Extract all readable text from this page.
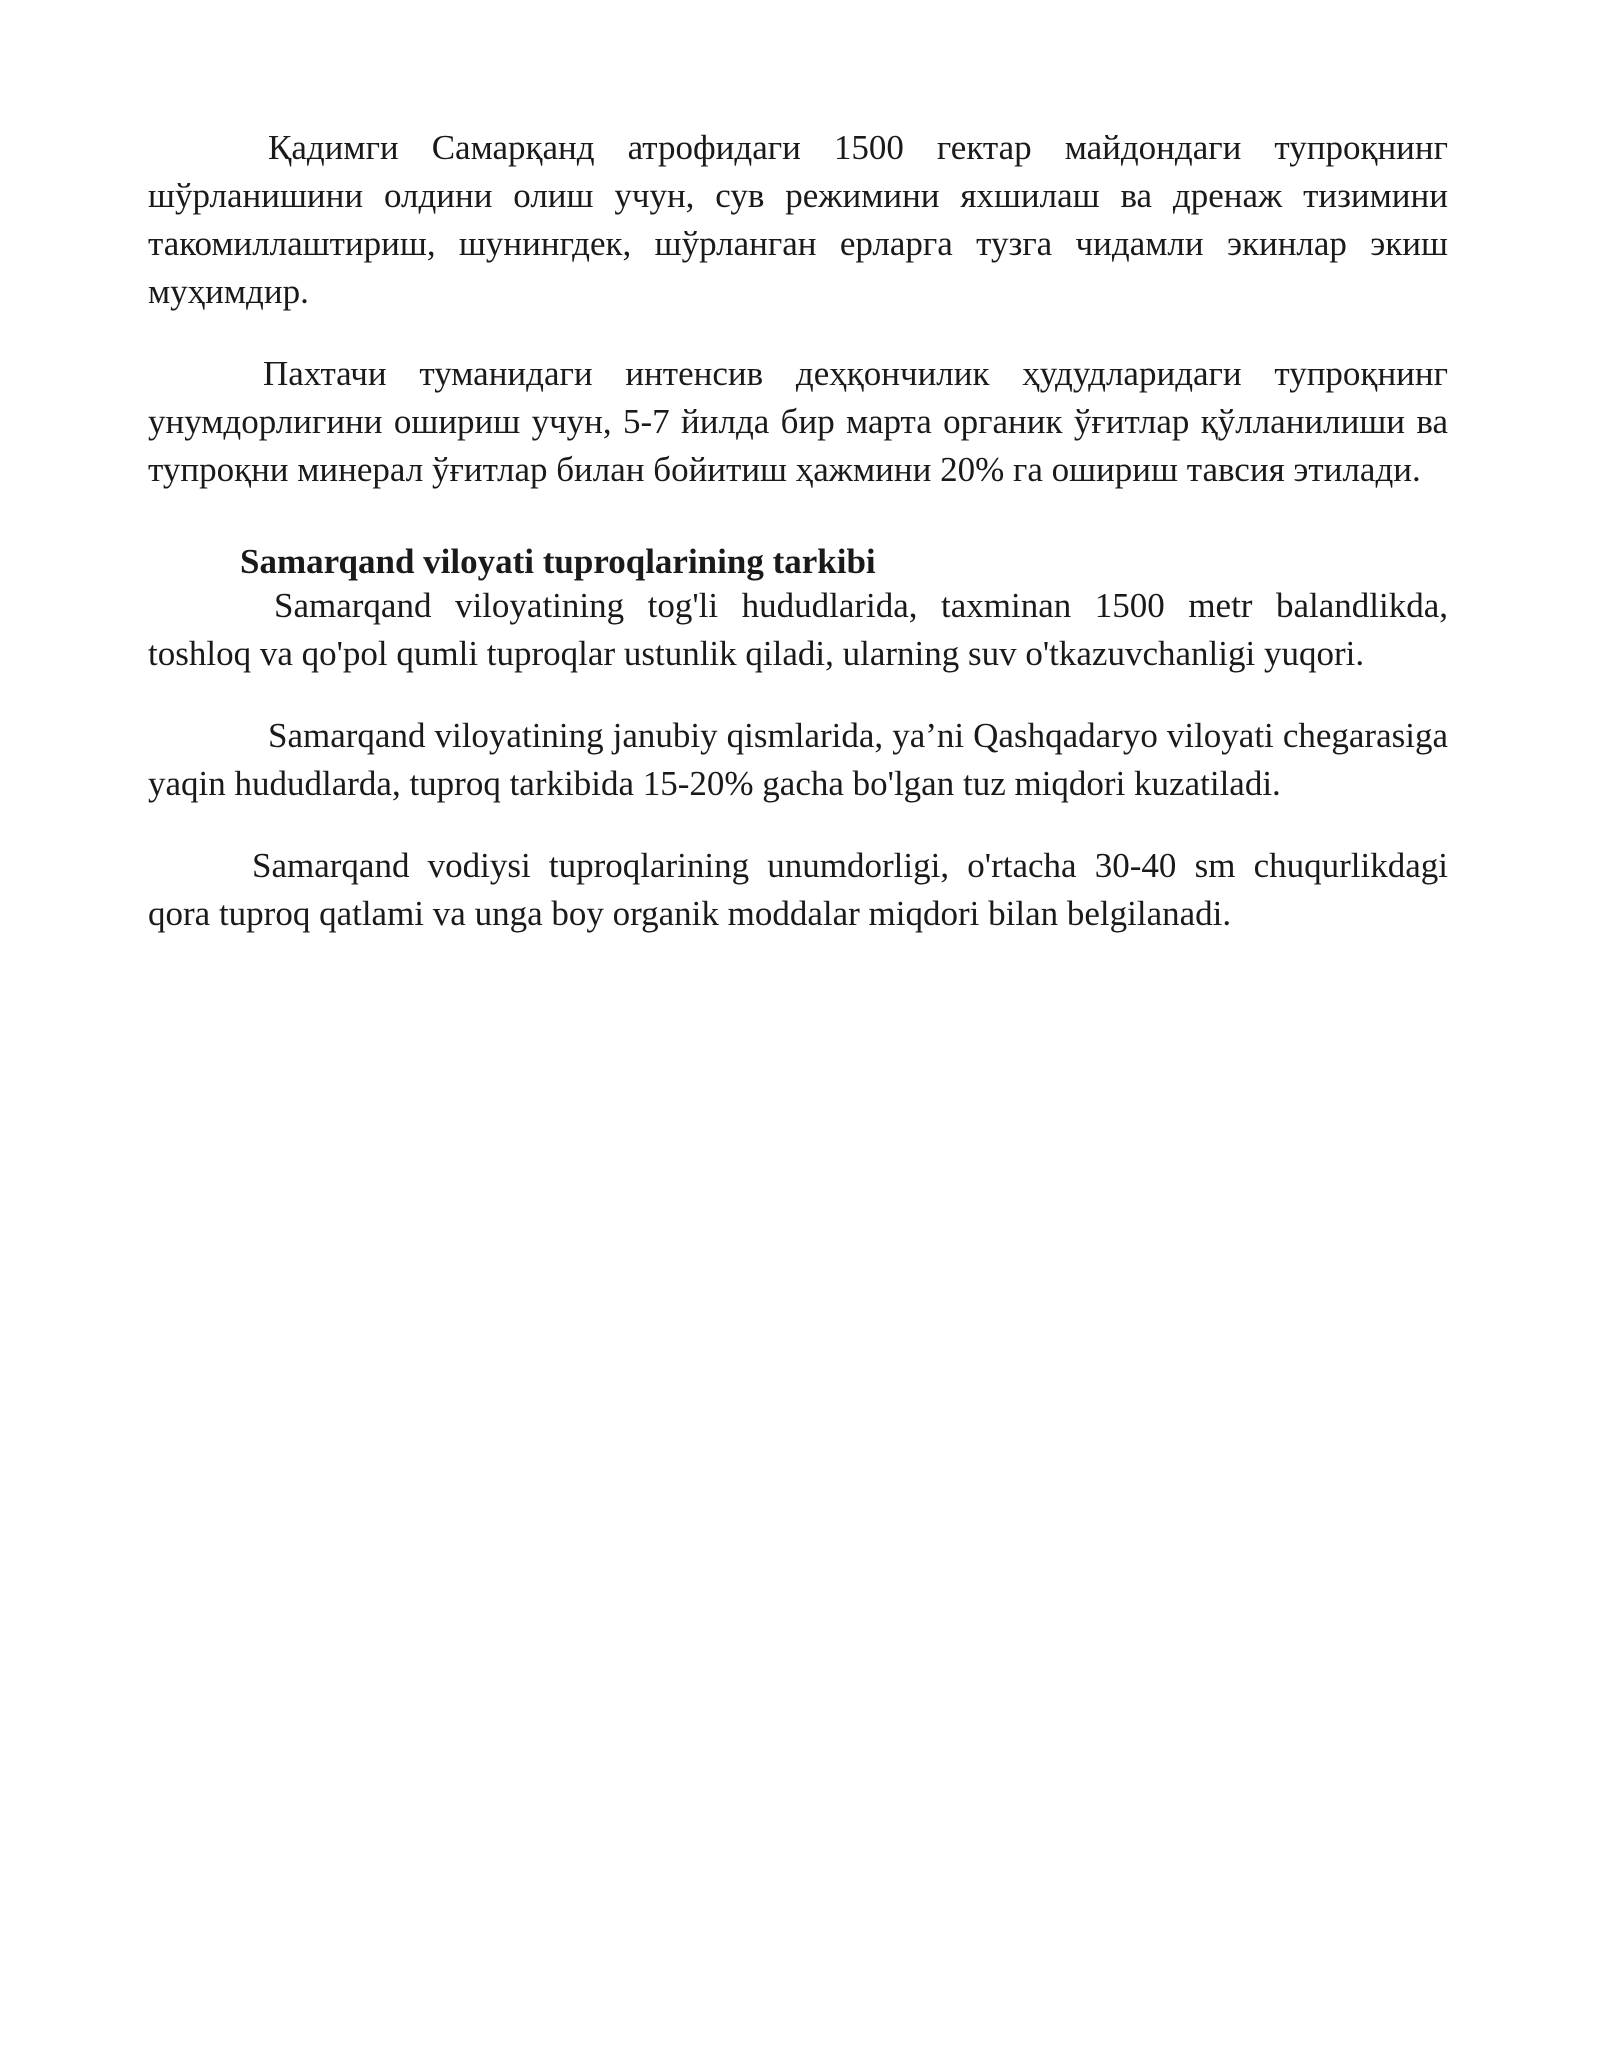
Қадимги Самарқанд атрофидаги 1500 гектар майдондаги тупроқнинг шўрланишини олдини олиш учун, сув режимини яхшилаш ва дренаж тизимини такомиллаштириш, шунингдек, шўрланган ерларга тузга чидамли экинлар экиш муҳимдир.

Пахтачи туманидаги интенсив деҳқончилик ҳудудларидаги тупроқнинг унумдорлигини ошириш учун, 5-7 йилда бир марта органик ўғитлар қўлланилиши ва тупроқни минерал ўғитлар билан бойитиш ҳажмини 20% га ошириш тавсия этилади.

Samarqand viloyati tuproqlarining tarkibi

Samarqand viloyatining tog'li hududlarida, taxminan 1500 metr balandlikda, toshloq va qo'pol qumli tuproqlar ustunlik qiladi, ularning suv o'tkazuvchanligi yuqori.

Samarqand viloyatining janubiy qismlarida, ya’ni Qashqadaryo viloyati chegarasiga yaqin hududlarda, tuproq tarkibida 15-20% gacha bo'lgan tuz miqdori kuzatiladi.

Samarqand vodiysi tuproqlarining unumdorligi, o'rtacha 30-40 sm chuqurlikdagi qora tuproq qatlami va unga boy organik moddalar miqdori bilan belgilanadi.
